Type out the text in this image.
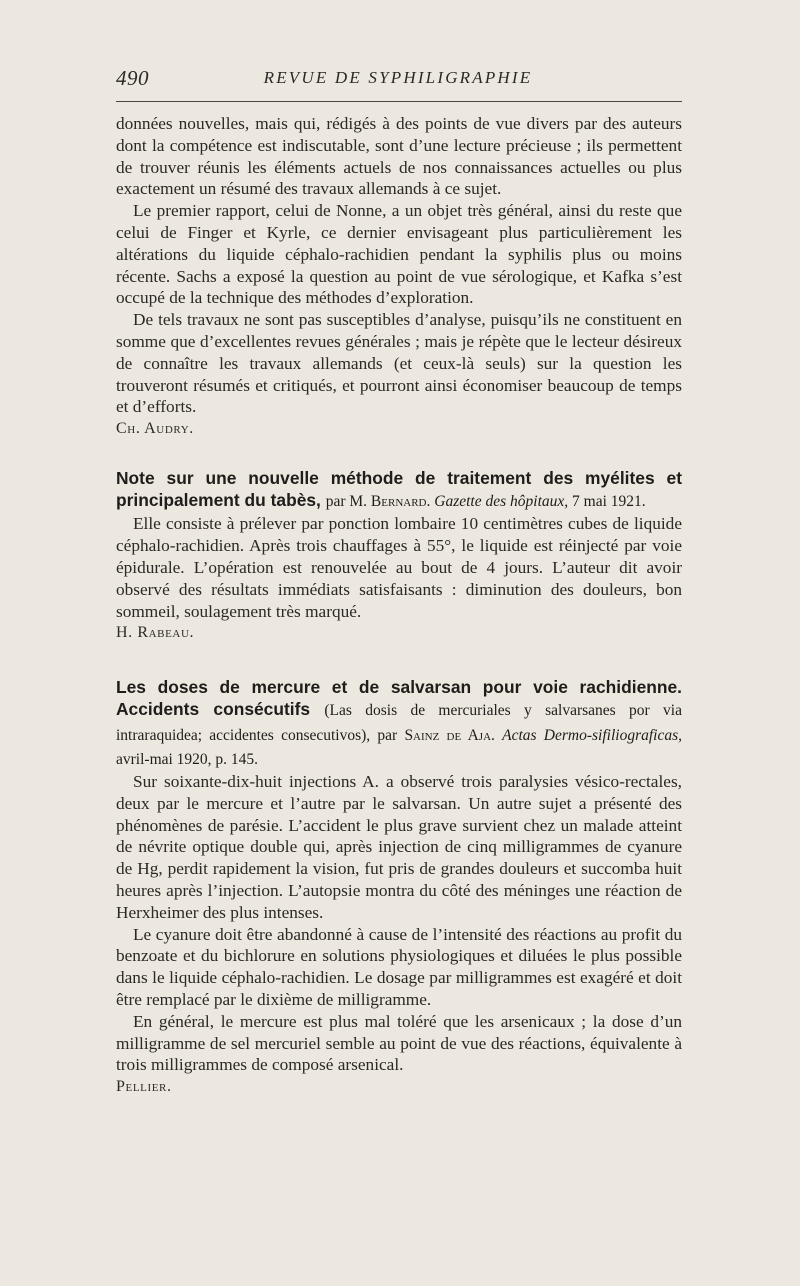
490	REVUE DE SYPHILIGRAPHIE

données nouvelles, mais qui, rédigés à des points de vue divers par des auteurs dont la compétence est indiscutable, sont d’une lecture précieuse ; ils permettent de trouver réunis les éléments actuels de nos connaissances actuelles ou plus exactement un résumé des travaux allemands à ce sujet.

Le premier rapport, celui de Nonne, a un objet très général, ainsi du reste que celui de Finger et Kyrle, ce dernier envisageant plus particulièrement les altérations du liquide céphalo-rachidien pendant la syphilis plus ou moins récente. Sachs a exposé la question au point de vue sérologique, et Kafka s’est occupé de la technique des méthodes d’exploration.

De tels travaux ne sont pas susceptibles d’analyse, puisqu’ils ne constituent en somme que d’excellentes revues générales ; mais je répète que le lecteur désireux de connaître les travaux allemands (et ceux-là seuls) sur la question les trouveront résumés et critiqués, et pourront ainsi économiser beaucoup de temps et d’efforts.

Ch. Audry.

Note sur une nouvelle méthode de traitement des myélites et principalement du tabès, par M. Bernard. Gazette des hôpitaux, 7 mai 1921.

Elle consiste à prélever par ponction lombaire 10 centimètres cubes de liquide céphalo-rachidien. Après trois chauffages à 55°, le liquide est réinjecté par voie épidurale. L’opération est renouvelée au bout de 4 jours. L’auteur dit avoir observé des résultats immédiats satisfaisants : diminution des douleurs, bon sommeil, soulagement très marqué.

H. Rabeau.

Les doses de mercure et de salvarsan pour voie rachidienne. Accidents consécutifs (Las dosis de mercuriales y salvarsanes por via intraraquidea; accidentes consecutivos), par Sainz de Aja. Actas Dermo-sifiliograficas, avril-mai 1920, p. 145.

Sur soixante-dix-huit injections A. a observé trois paralysies vésico-rectales, deux par le mercure et l’autre par le salvarsan. Un autre sujet a présenté des phénomènes de parésie. L’accident le plus grave survient chez un malade atteint de névrite optique double qui, après injection de cinq milligrammes de cyanure de Hg, perdit rapidement la vision, fut pris de grandes douleurs et succomba huit heures après l’injection. L’autopsie montra du côté des méninges une réaction de Herxheimer des plus intenses.

Le cyanure doit être abandonné à cause de l’intensité des réactions au profit du benzoate et du bichlorure en solutions physiologiques et diluées le plus possible dans le liquide céphalo-rachidien. Le dosage par milligrammes est exagéré et doit être remplacé par le dixième de milligramme.

En général, le mercure est plus mal toléré que les arsenicaux ; la dose d’un milligramme de sel mercuriel semble au point de vue des réactions, équivalente à trois milligrammes de composé arsenical.

Pellier.
